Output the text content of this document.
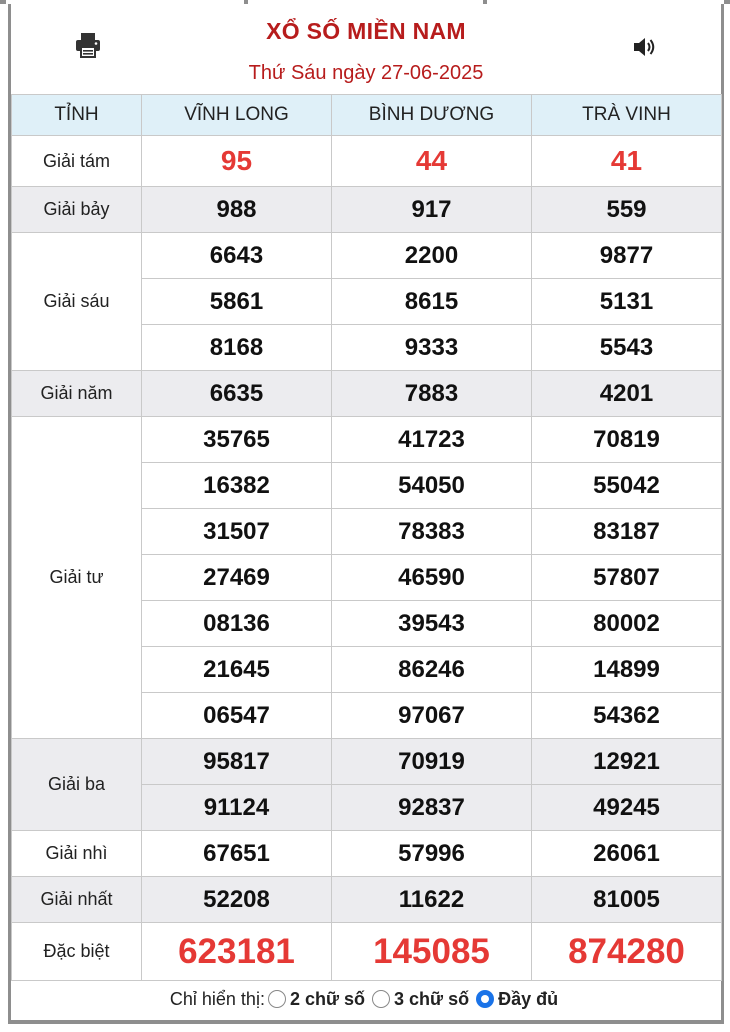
XỔ SỐ MIỀN NAM
Thứ Sáu ngày 27-06-2025
TỈNH	VĨNH LONG	BÌNH DƯƠNG	TRÀ VINH
Giải tám	95	44	41
Giải bảy	988	917	559
Giải sáu	6643	2200	9877
	5861	8615	5131
	8168	9333	5543
Giải năm	6635	7883	4201
Giải tư	35765	41723	70819
	16382	54050	55042
	31507	78383	83187
	27469	46590	57807
	08136	39543	80002
	21645	86246	14899
	06547	97067	54362
Giải ba	95817	70919	12921
	91124	92837	49245
Giải nhì	67651	57996	26061
Giải nhất	52208	11622	81005
Đặc biệt	623181	145085	874280
Chỉ hiển thị: 2 chữ số 3 chữ số Đầy đủ
